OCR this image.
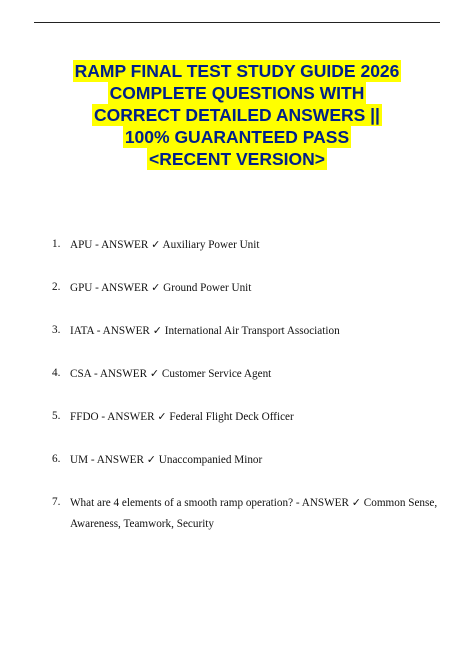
RAMP FINAL TEST STUDY GUIDE 2026
COMPLETE QUESTIONS WITH
CORRECT DETAILED ANSWERS ||
100% GUARANTEED PASS
<RECENT VERSION>
1. APU - ANSWER ✓ Auxiliary Power Unit
2. GPU - ANSWER ✓ Ground Power Unit
3. IATA - ANSWER ✓ International Air Transport Association
4. CSA - ANSWER ✓ Customer Service Agent
5. FFDO - ANSWER ✓ Federal Flight Deck Officer
6. UM - ANSWER ✓ Unaccompanied Minor
7. What are 4 elements of a smooth ramp operation? - ANSWER ✓ Common Sense, Awareness, Teamwork, Security
